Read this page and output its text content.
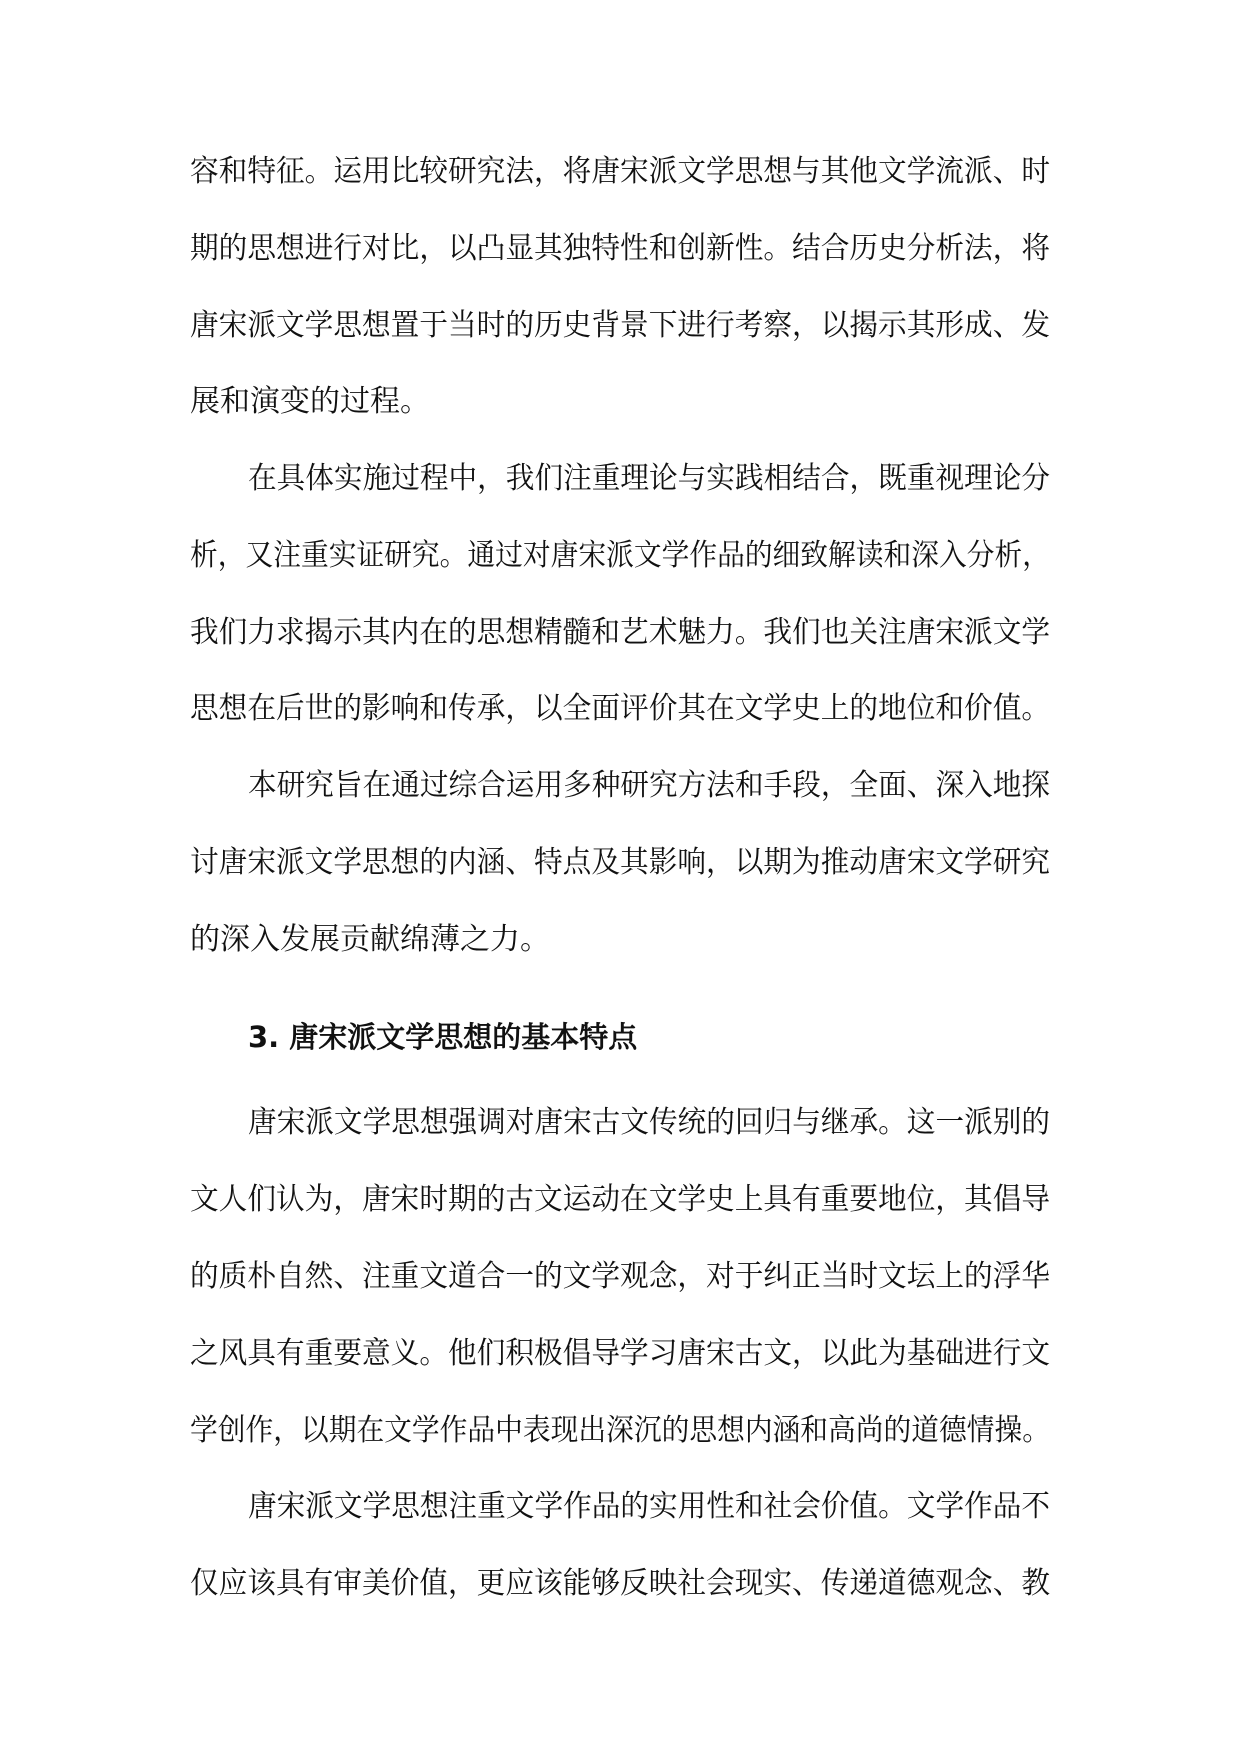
容和特征。运用比较研究法，将唐宋派文学思想与其他文学流派、时
期的思想进行对比，以凸显其独特性和创新性。结合历史分析法，将
唐宋派文学思想置于当时的历史背景下进行考察，以揭示其形成、发
展和演变的过程。
在具体实施过程中，我们注重理论与实践相结合，既重视理论分
析，又注重实证研究。通过对唐宋派文学作品的细致解读和深入分析，
我们力求揭示其内在的思想精髓和艺术魅力。我们也关注唐宋派文学
思想在后世的影响和传承，以全面评价其在文学史上的地位和价值。
本研究旨在通过综合运用多种研究方法和手段，全面、深入地探
讨唐宋派文学思想的内涵、特点及其影响，以期为推动唐宋文学研究
的深入发展贡献绵薄之力。
3. 唐宋派文学思想的基本特点
唐宋派文学思想强调对唐宋古文传统的回归与继承。这一派别的
文人们认为，唐宋时期的古文运动在文学史上具有重要地位，其倡导
的质朴自然、注重文道合一的文学观念，对于纠正当时文坛上的浮华
之风具有重要意义。他们积极倡导学习唐宋古文，以此为基础进行文
学创作，以期在文学作品中表现出深沉的思想内涵和高尚的道德情操。
唐宋派文学思想注重文学作品的实用性和社会价值。文学作品不
仅应该具有审美价值，更应该能够反映社会现实、传递道德观念、教
